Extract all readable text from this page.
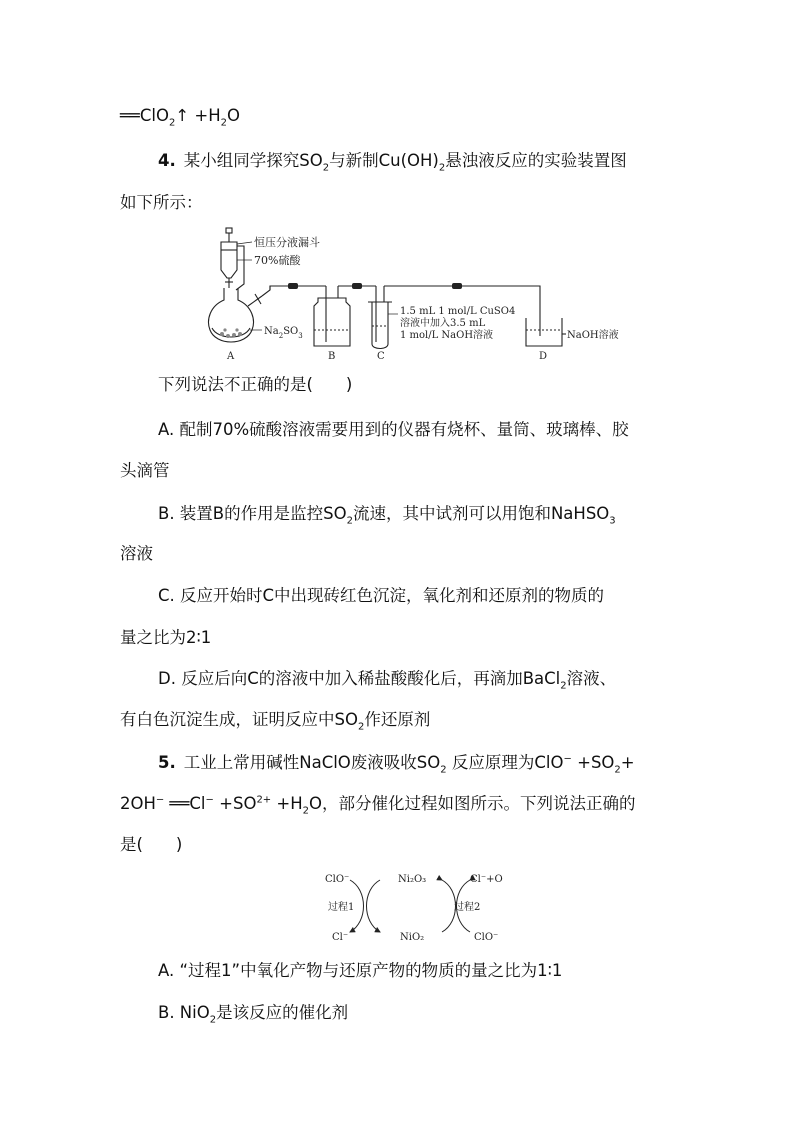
══ClO$_2$↑ $+H_2O$
4. 某小组同学探究$SO_2$与新制$Cu(OH)_2$悬浊液反应的实验装置图
如下所示：
恒压分液漏斗
70%硫酸
$Na_2SO_3$
1.5 mL 1 mol/L CuSO4
溶液中加入3.5 mL
1 mol/L NaOH溶液	NaOH溶液
A	B	C	D
下列说法不正确的是(　　)
A. 配制70%硫酸溶液需要用到的仪器有烧杯、量筒、玻璃棒、胶
头滴管
B. 装置B的作用是监控$SO_2$流速，其中试剂可以用饱和NaHSO$_3$
溶液
C. 反应开始时C中出现砖红色沉淀，氧化剂和还原剂的物质的
量之比为2∶1
D. 反应后向C的溶液中加入稀盐酸酸化后，再滴加BaCl$_2$溶液、
有白色沉淀生成，证明反应中$SO_2$作还原剂
5. 工业上常用碱性NaClO废液吸收$SO_2$ 反应原理为$ClO^- +SO_2+$
2OH− ══Cl− $+SO^{2+} +H_2O$，部分催化过程如图所示。下列说法正确的
是(　　)
ClO⁻
Cl⁻
过程1
Ni₂O₃
NiO₂
Cl⁻+O
ClO⁻
过程2
A. “过程1”中氧化产物与还原产物的物质的量之比为1∶1
B. NiO$_2$是该反应的催化剂
